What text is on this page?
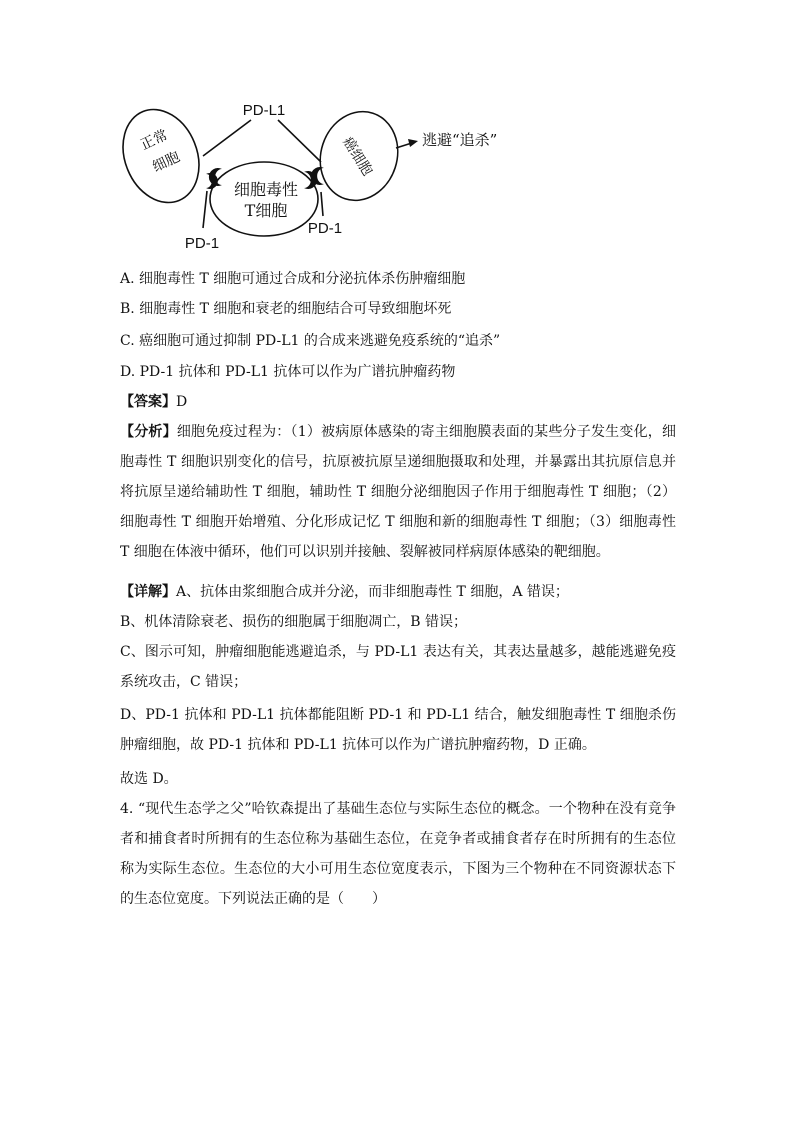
PD-L1
正常
细胞
细胞毒性
T细胞
癌细胞
PD-1
PD-1
逃避“追杀”
A. 细胞毒性 T 细胞可通过合成和分泌抗体杀伤肿瘤细胞
B. 细胞毒性 T 细胞和衰老的细胞结合可导致细胞坏死
C. 癌细胞可通过抑制 PD-L1 的合成来逃避免疫系统的“追杀”
D. PD-1 抗体和 PD-L1 抗体可以作为广谱抗肿瘤药物
【答案】D
【分析】细胞免疫过程为：（1）被病原体感染的寄主细胞膜表面的某些分子发生变化，细胞毒性 T 细胞识别变化的信号，抗原被抗原呈递细胞摄取和处理，并暴露出其抗原信息并将抗原呈递给辅助性 T 细胞，辅助性 T 细胞分泌细胞因子作用于细胞毒性 T 细胞；（2）细胞毒性 T 细胞开始增殖、分化形成记忆 T 细胞和新的细胞毒性 T 细胞；（3）细胞毒性 T 细胞在体液中循环，他们可以识别并接触、裂解被同样病原体感染的靶细胞。
【详解】A、抗体由浆细胞合成并分泌，而非细胞毒性 T 细胞，A 错误；
B、机体清除衰老、损伤的细胞属于细胞凋亡，B 错误；
C、图示可知，肿瘤细胞能逃避追杀，与 PD-L1 表达有关，其表达量越多，越能逃避免疫系统攻击，C 错误；
D、PD-1 抗体和 PD-L1 抗体都能阻断 PD-1 和 PD-L1 结合，触发细胞毒性 T 细胞杀伤肿瘤细胞，故 PD-1 抗体和 PD-L1 抗体可以作为广谱抗肿瘤药物，D 正确。
故选 D。
4. “现代生态学之父”哈钦森提出了基础生态位与实际生态位的概念。一个物种在没有竞争者和捕食者时所拥有的生态位称为基础生态位，在竞争者或捕食者存在时所拥有的生态位称为实际生态位。生态位的大小可用生态位宽度表示，下图为三个物种在不同资源状态下的生态位宽度。下列说法正确的是（　　）
